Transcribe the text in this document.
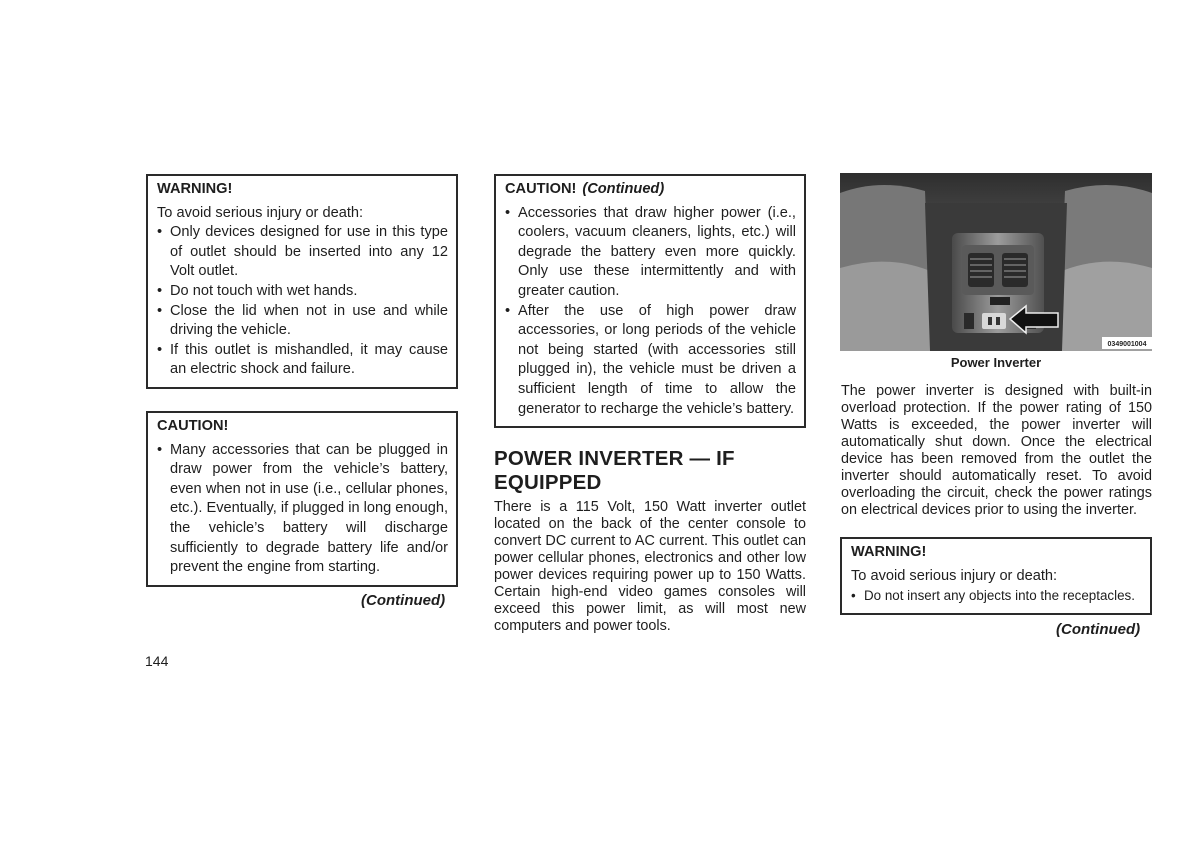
WARNING!

To avoid serious injury or death:

• Only devices designed for use in this type of outlet should be inserted into any 12 Volt outlet.
• Do not touch with wet hands.
• Close the lid when not in use and while driving the vehicle.
• If this outlet is mishandled, it may cause an electric shock and failure.
CAUTION!
• Many accessories that can be plugged in draw power from the vehicle’s battery, even when not in use (i.e., cellular phones, etc.). Eventually, if plugged in long enough, the vehicle’s battery will discharge sufficiently to degrade battery life and/or prevent the engine from starting.
(Continued)
CAUTION! (Continued)
• Accessories that draw higher power (i.e., coolers, vacuum cleaners, lights, etc.) will degrade the battery even more quickly. Only use these intermittently and with greater caution.
• After the use of high power draw accessories, or long periods of the vehicle not being started (with accessories still plugged in), the vehicle must be driven a sufficient length of time to allow the generator to recharge the vehicle’s battery.
POWER INVERTER — IF EQUIPPED

There is a 115 Volt, 150 Watt inverter outlet located on the back of the center console to convert DC current to AC current. This outlet can power cellular phones, electronics and other low power devices requiring power up to 150 Watts. Certain high-end video games consoles will exceed this power limit, as will most new computers and power tools.

0349001004
Power Inverter

The power inverter is designed with built-in overload protection. If the power rating of 150 Watts is exceeded, the power inverter will automatically shut down. Once the electrical device has been removed from the outlet the inverter should automatically reset. To avoid overloading the circuit, check the power ratings on electrical devices prior to using the inverter.

WARNING!

To avoid serious injury or death:

• Do not insert any objects into the receptacles.
(Continued)
144
